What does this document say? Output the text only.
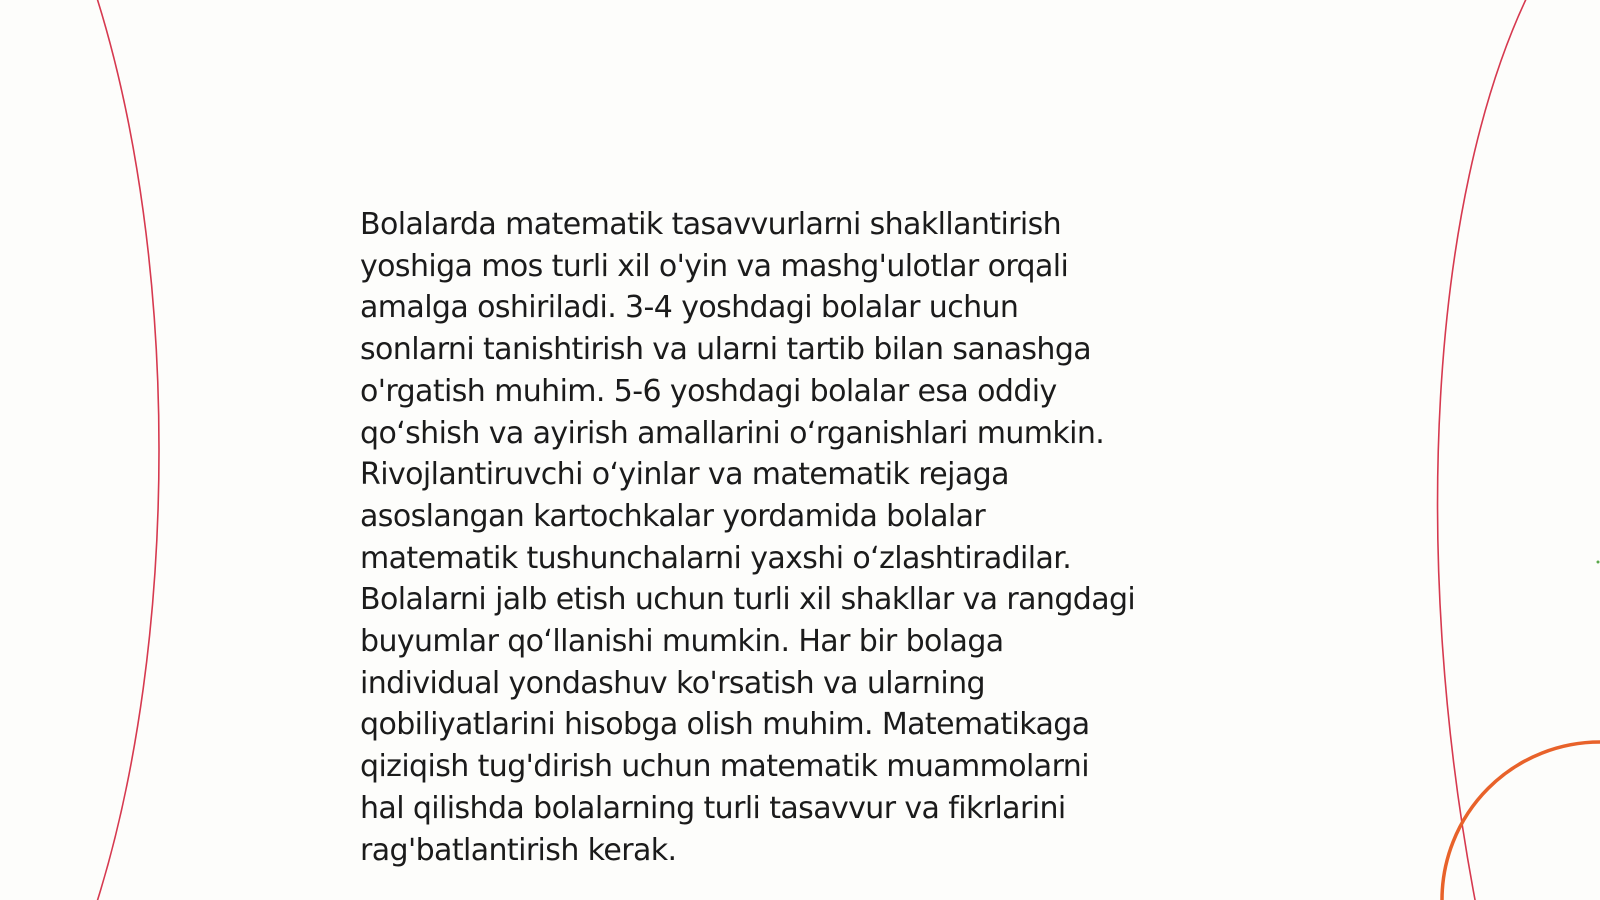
Bolalarda matematik tasavvurlarni shakllantirish
yoshiga mos turli xil o'yin va mashg'ulotlar orqali
amalga oshiriladi. 3-4 yoshdagi bolalar uchun
sonlarni tanishtirish va ularni tartib bilan sanashga
o'rgatish muhim. 5-6 yoshdagi bolalar esa oddiy
qo‘shish va ayirish amallarini o‘rganishlari mumkin.
Rivojlantiruvchi o‘yinlar va matematik rejaga
asoslangan kartochkalar yordamida bolalar
matematik tushunchalarni yaxshi o‘zlashtiradilar.
Bolalarni jalb etish uchun turli xil shakllar va rangdagi
buyumlar qo‘llanishi mumkin. Har bir bolaga
individual yondashuv ko'rsatish va ularning
qobiliyatlarini hisobga olish muhim. Matematikaga
qiziqish tug'dirish uchun matematik muammolarni
hal qilishda bolalarning turli tasavvur va fikrlarini
rag'batlantirish kerak.
